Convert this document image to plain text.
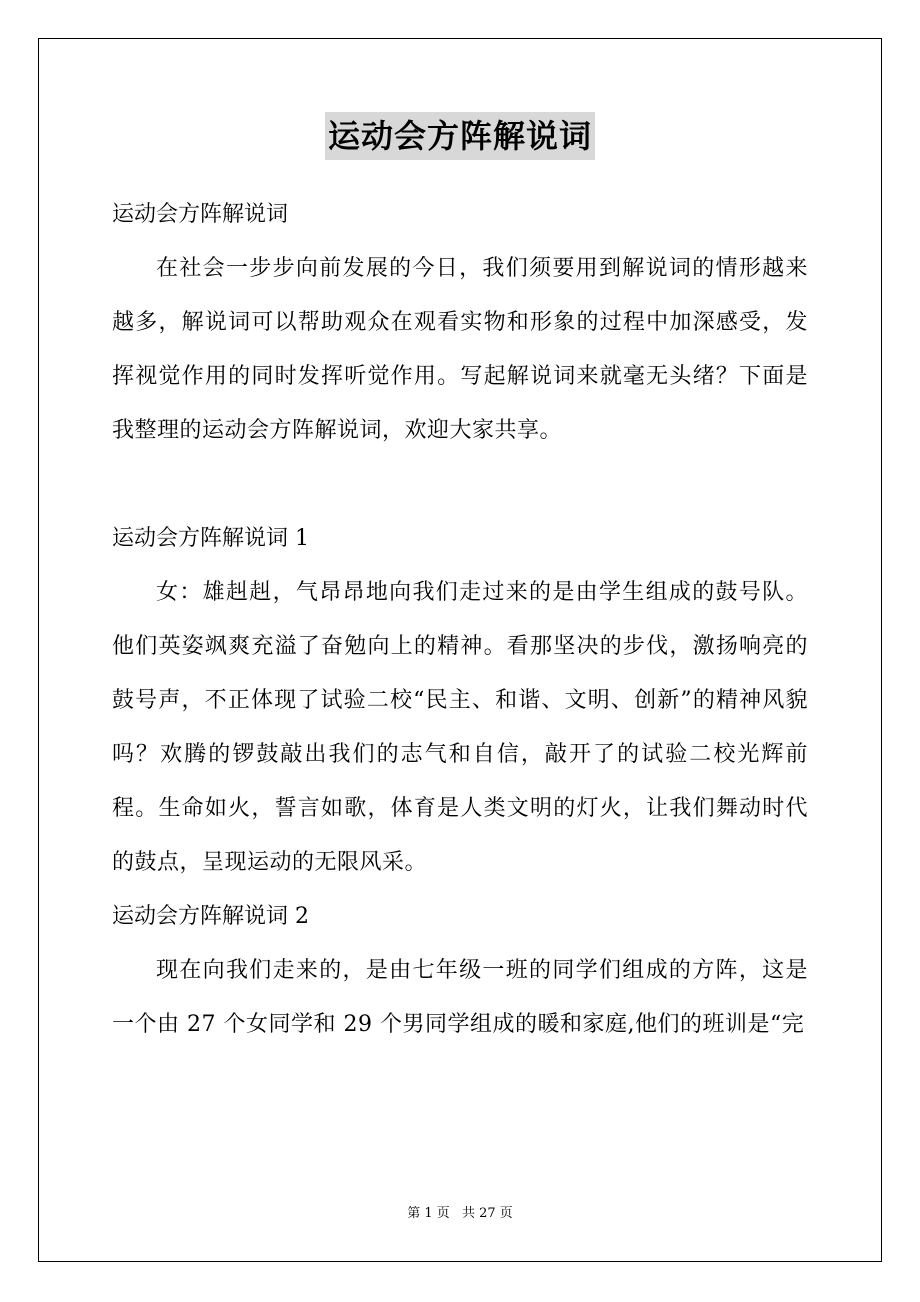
运动会方阵解说词

运动会方阵解说词

在社会一步步向前发展的今日，我们须要用到解说词的情形越来越多，解说词可以帮助观众在观看实物和形象的过程中加深感受，发挥视觉作用的同时发挥听觉作用。写起解说词来就毫无头绪？下面是我整理的运动会方阵解说词，欢迎大家共享。

运动会方阵解说词 1

女：雄赳赳，气昂昂地向我们走过来的是由学生组成的鼓号队。他们英姿飒爽充溢了奋勉向上的精神。看那坚决的步伐，激扬响亮的鼓号声，不正体现了试验二校“民主、和谐、文明、创新”的精神风貌吗？欢腾的锣鼓敲出我们的志气和自信，敲开了的试验二校光辉前程。生命如火，誓言如歌，体育是人类文明的灯火，让我们舞动时代的鼓点，呈现运动的无限风采。

运动会方阵解说词 2

现在向我们走来的，是由七年级一班的同学们组成的方阵，这是一个由 27 个女同学和 29 个男同学组成的暖和家庭,他们的班训是“完

第 1 页 共 27 页
